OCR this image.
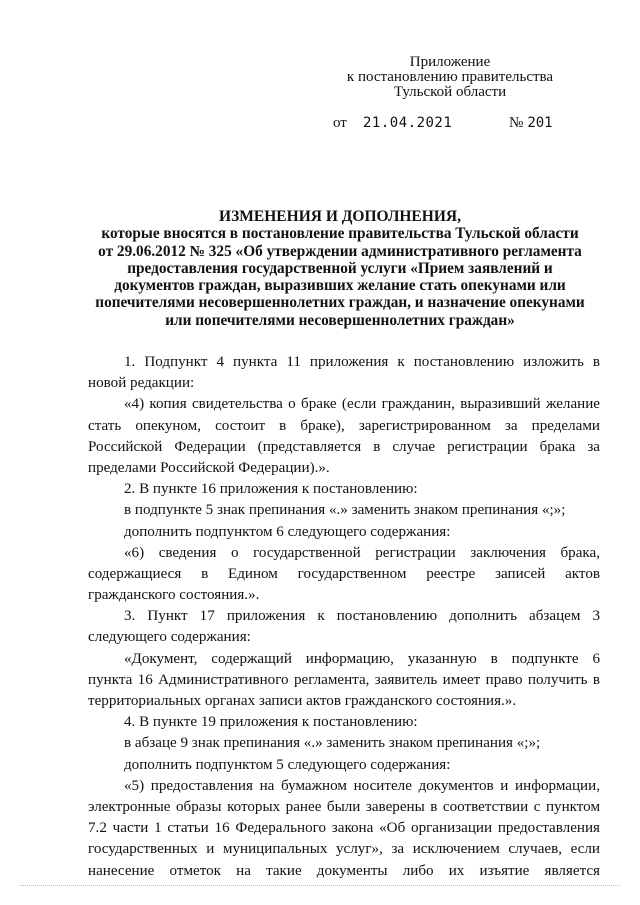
Приложение
к постановлению правительства
Тульской области
от 21.04.2021	№ 201
ИЗМЕНЕНИЯ И ДОПОЛНЕНИЯ,
которые вносятся в постановление правительства Тульской области
от 29.06.2012 № 325 «Об утверждении административного регламента
предоставления государственной услуги «Прием заявлений и
документов граждан, выразивших желание стать опекунами или
попечителями несовершеннолетних граждан, и назначение опекунами
или попечителями несовершеннолетних граждан»
1. Подпункт 4 пункта 11 приложения к постановлению изложить в
новой редакции:
«4) копия свидетельства о браке (если гражданин, выразивший желание
стать опекуном, состоит в браке), зарегистрированном за пределами
Российской Федерации (представляется в случае регистрации брака за
пределами Российской Федерации).».
2. В пункте 16 приложения к постановлению:
в подпункте 5 знак препинания «.» заменить знаком препинания «;»;
дополнить подпунктом 6 следующего содержания:
«6) сведения о государственной регистрации заключения брака,
содержащиеся в Едином государственном реестре записей актов
гражданского состояния.».
3. Пункт 17 приложения к постановлению дополнить абзацем 3
следующего содержания:
«Документ, содержащий информацию, указанную в подпункте 6
пункта 16 Административного регламента, заявитель имеет право получить в
территориальных органах записи актов гражданского состояния.».
4. В пункте 19 приложения к постановлению:
в абзаце 9 знак препинания «.» заменить знаком препинания «;»;
дополнить подпунктом 5 следующего содержания:
«5) предоставления на бумажном носителе документов и информации,
электронные образы которых ранее были заверены в соответствии с пунктом
7.2 части 1 статьи 16 Федерального закона «Об организации предоставления
государственных и муниципальных услуг», за исключением случаев, если
нанесение отметок на такие документы либо их изъятие является
